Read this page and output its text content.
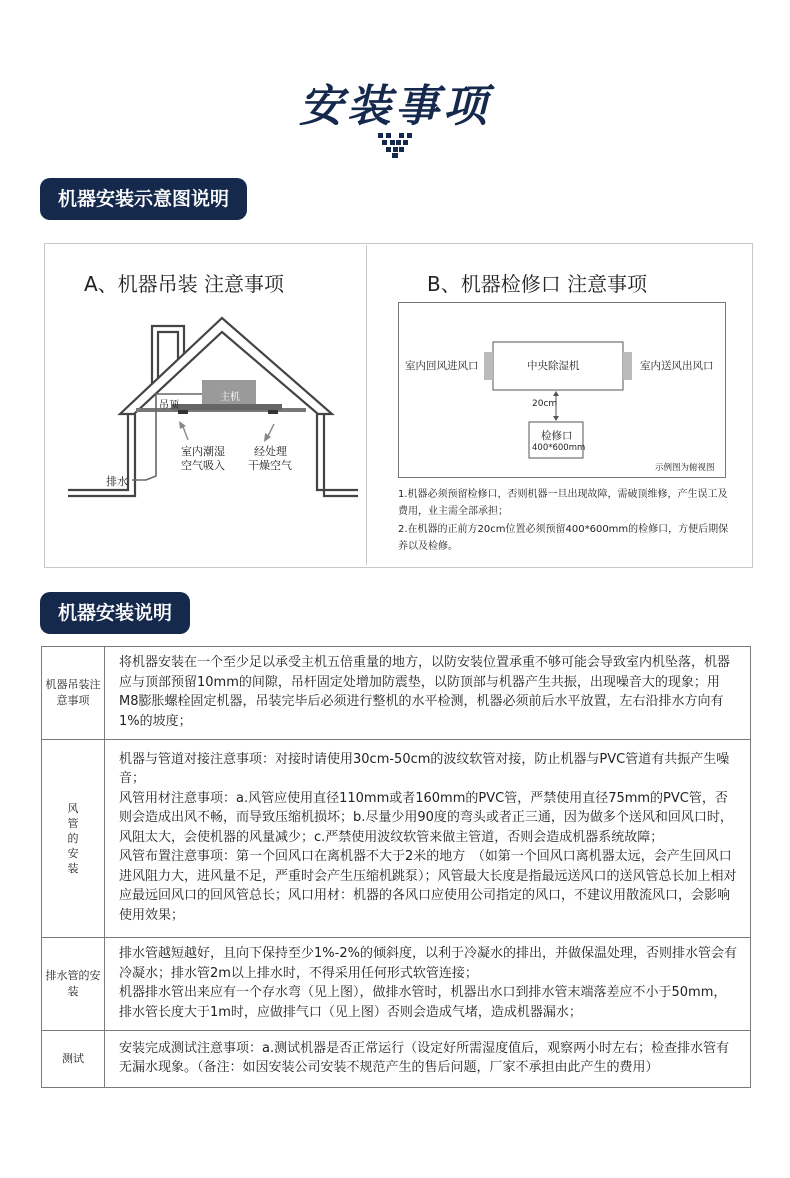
安装事项
机器安装示意图说明
A、机器吊装 注意事项
主机
吊顶
室内潮湿
空气吸入
经处理
干燥空气
排水
B、机器检修口 注意事项
室内回风进风口	中央除湿机	室内送风出风口
20cm
检修口
400*600mm
示例图为俯视图
1.机器必须预留检修口，否则机器一旦出现故障，需破顶维修，产生误工及费用，业主需全部承担；
2.在机器的正前方20cm位置必须预留400*600mm的检修口，方便后期保养以及检修。
机器安装说明
机器吊装注意事项	将机器安装在一个至少足以承受主机五倍重量的地方，以防安装位置承重不够可能会导致室内机坠落，机器应与顶部预留10mm的间隙，吊杆固定处增加防震垫，以防顶部与机器产生共振，出现噪音大的现象；用M8膨胀螺栓固定机器，吊装完毕后必须进行整机的水平检测，机器必须前后水平放置，左右沿排水方向有1%的坡度；
风管的安装	机器与管道对接注意事项：对接时请使用30cm-50cm的波纹软管对接，防止机器与PVC管道有共振产生噪音；
风管用材注意事项：a.风管应使用直径110mm或者160mm的PVC管，严禁使用直径75mm的PVC管，否则会造成出风不畅，而导致压缩机损坏；b.尽量少用90度的弯头或者正三通，因为做多个送风和回风口时，风阻太大，会使机器的风量减少；c.严禁使用波纹软管来做主管道，否则会造成机器系统故障；
风管布置注意事项：第一个回风口在离机器不大于2米的地方　（如第一个回风口离机器太远，会产生回风口进风阻力大，进风量不足，严重时会产生压缩机跳泵）；风管最大长度是指最远送风口的送风管总长加上相对应最远回风口的回风管总长；风口用材：机器的各风口应使用公司指定的风口，不建议用散流风口，会影响使用效果；

排水管的安装	排水管越短越好，且向下保持至少1%-2%的倾斜度，以利于冷凝水的排出，并做保温处理，否则排水管会有冷凝水；排水管2m以上排水时，不得采用任何形式软管连接；
机器排水管出来应有一个存水弯（见上图），做排水管时，机器出水口到排水管末端落差应不小于50mm，排水管长度大于1m时，应做排气口（见上图）否则会造成气堵，造成机器漏水；

测试	安装完成测试注意事项：a.测试机器是否正常运行（设定好所需湿度值后，观察两小时左右；检查排水管有无漏水现象。（备注：如因安装公司安装不规范产生的售后问题，厂家不承担由此产生的费用）
